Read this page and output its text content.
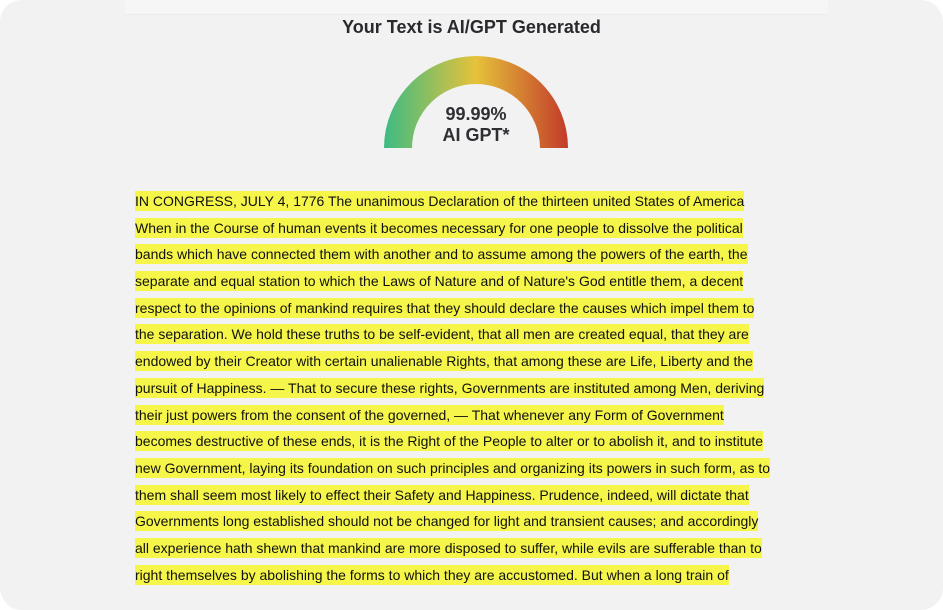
Your Text is AI/GPT Generated
99.99%
AI GPT*
IN CONGRESS, JULY 4, 1776 The unanimous Declaration of the thirteen united States of America
When in the Course of human events it becomes necessary for one people to dissolve the political
bands which have connected them with another and to assume among the powers of the earth, the
separate and equal station to which the Laws of Nature and of Nature's God entitle them, a decent
respect to the opinions of mankind requires that they should declare the causes which impel them to
the separation. We hold these truths to be self-evident, that all men are created equal, that they are
endowed by their Creator with certain unalienable Rights, that among these are Life, Liberty and the
pursuit of Happiness. — That to secure these rights, Governments are instituted among Men, deriving
their just powers from the consent of the governed, — That whenever any Form of Government
becomes destructive of these ends, it is the Right of the People to alter or to abolish it, and to institute
new Government, laying its foundation on such principles and organizing its powers in such form, as to
them shall seem most likely to effect their Safety and Happiness. Prudence, indeed, will dictate that
Governments long established should not be changed for light and transient causes; and accordingly
all experience hath shewn that mankind are more disposed to suffer, while evils are sufferable than to
right themselves by abolishing the forms to which they are accustomed. But when a long train of
